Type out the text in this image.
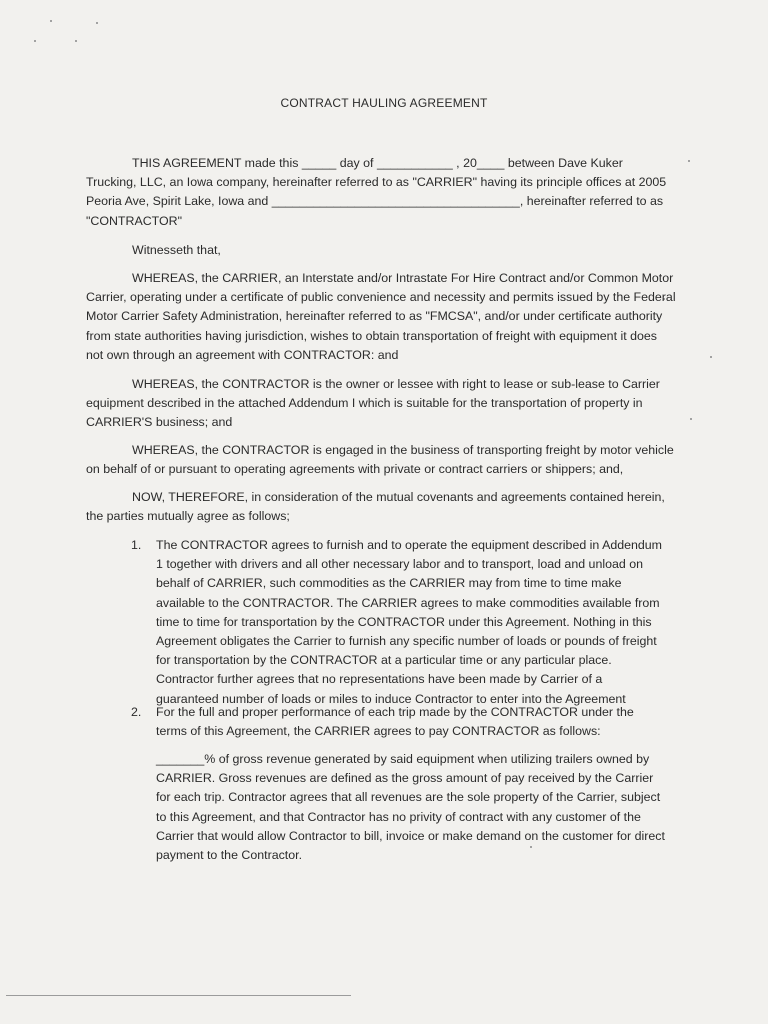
CONTRACT HAULING AGREEMENT
THIS AGREEMENT made this _____ day of ___________ , 20____ between Dave Kuker Trucking, LLC, an Iowa company, hereinafter referred to as "CARRIER" having its principle offices at 2005 Peoria Ave, Spirit Lake, Iowa and ____________________________________, hereinafter referred to as "CONTRACTOR"
Witnesseth that,
WHEREAS, the CARRIER, an Interstate and/or Intrastate For Hire Contract and/or Common Motor Carrier, operating under a certificate of public convenience and necessity and permits issued by the Federal Motor Carrier Safety Administration, hereinafter referred to as "FMCSA", and/or under certificate authority from state authorities having jurisdiction, wishes to obtain transportation of freight with equipment it does not own through an agreement with CONTRACTOR: and
WHEREAS, the CONTRACTOR is the owner or lessee with right to lease or sub-lease to Carrier equipment described in the attached Addendum I which is suitable for the transportation of property in CARRIER'S business; and
WHEREAS, the CONTRACTOR is engaged in the business of transporting freight by motor vehicle on behalf of or pursuant to operating agreements with private or contract carriers or shippers; and,
NOW, THEREFORE, in consideration of the mutual covenants and agreements contained herein, the parties mutually agree as follows;
1. The CONTRACTOR agrees to furnish and to operate the equipment described in Addendum 1 together with drivers and all other necessary labor and to transport, load and unload on behalf of CARRIER, such commodities as the CARRIER may from time to time make available to the CONTRACTOR. The CARRIER agrees to make commodities available from time to time for transportation by the CONTRACTOR under this Agreement. Nothing in this Agreement obligates the Carrier to furnish any specific number of loads or pounds of freight for transportation by the CONTRACTOR at a particular time or any particular place. Contractor further agrees that no representations have been made by Carrier of a guaranteed number of loads or miles to induce Contractor to enter into the Agreement
2. For the full and proper performance of each trip made by the CONTRACTOR under the terms of this Agreement, the CARRIER agrees to pay CONTRACTOR as follows:
_______% of gross revenue generated by said equipment when utilizing trailers owned by CARRIER. Gross revenues are defined as the gross amount of pay received by the Carrier for each trip. Contractor agrees that all revenues are the sole property of the Carrier, subject to this Agreement, and that Contractor has no privity of contract with any customer of the Carrier that would allow Contractor to bill, invoice or make demand on the customer for direct payment to the Contractor.
